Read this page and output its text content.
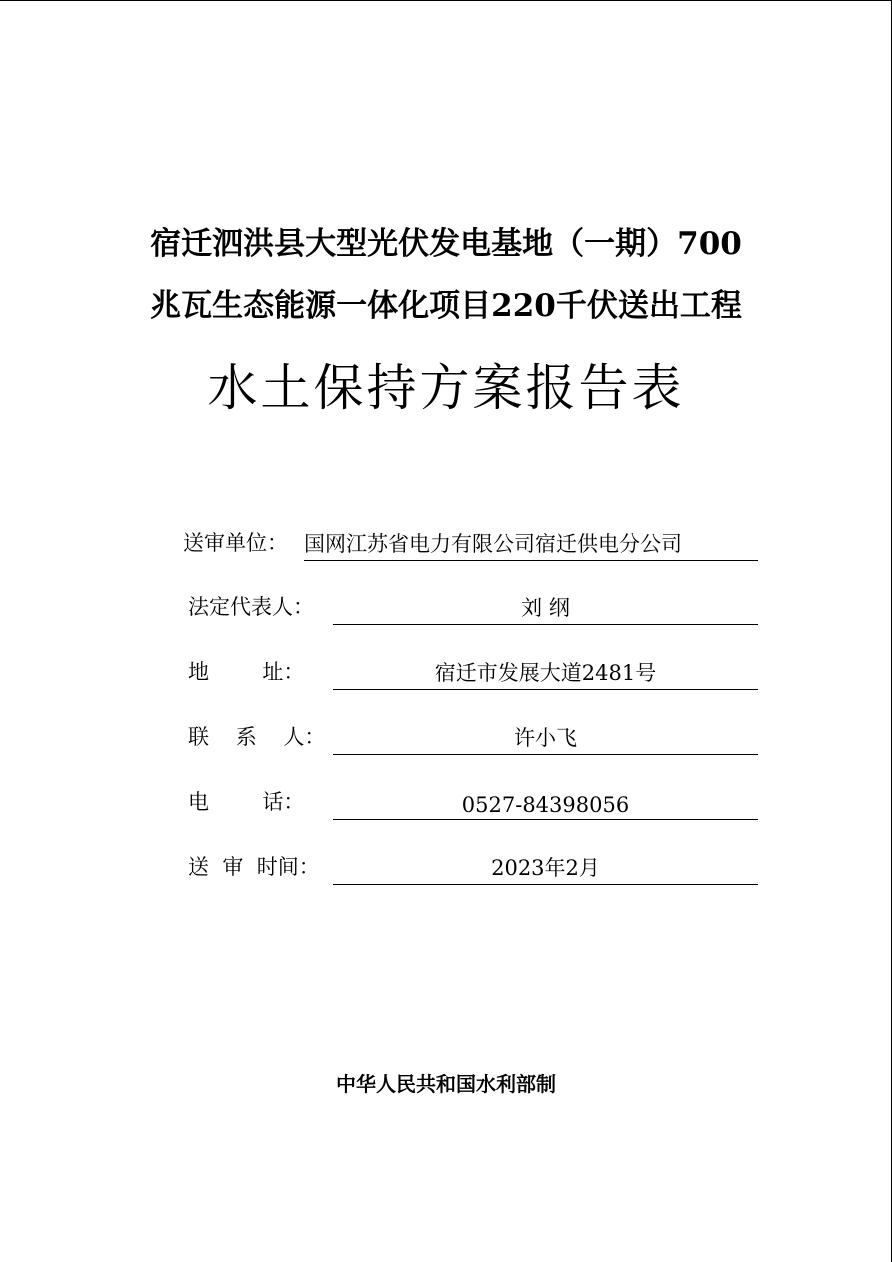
宿迁泗洪县大型光伏发电基地（一期）700
兆瓦生态能源一体化项目220千伏送出工程
水土保持方案报告表
送审单位： 国网江苏省电力有限公司宿迁供电分公司
法定代表人：	刘 纲
地        址：	宿迁市发展大道2481号
联    系    人：	许小飞
电        话：	0527-84398056
送  审  时间：	2023年2月
中华人民共和国水利部制
